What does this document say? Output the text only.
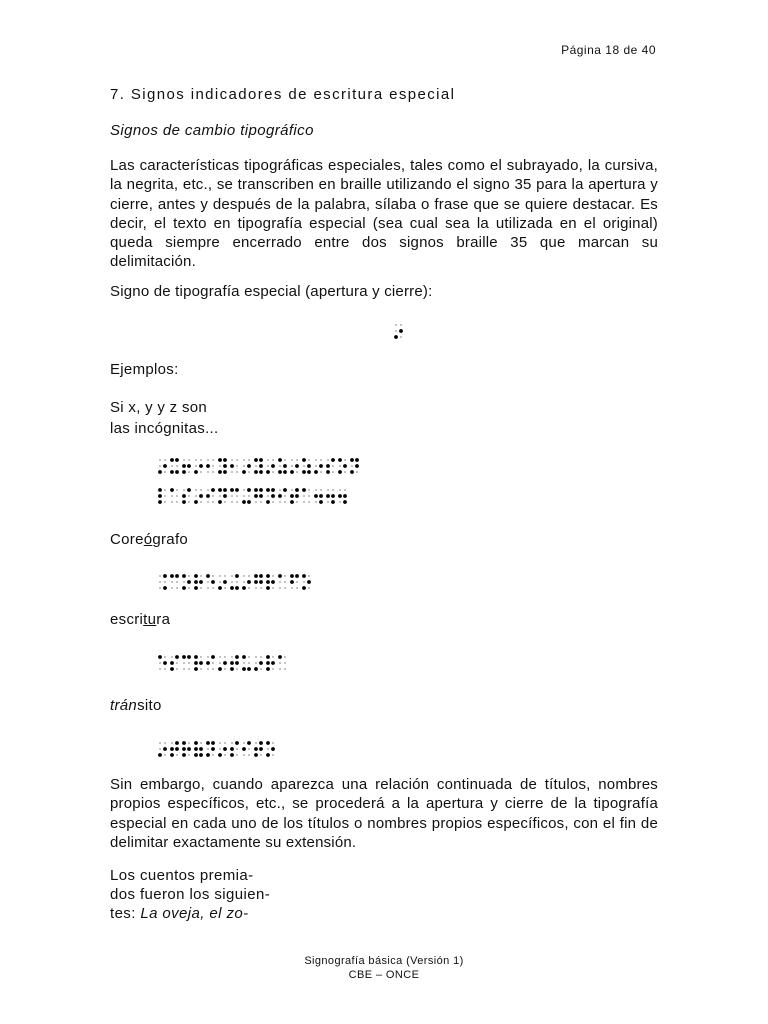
Página 18 de 40
7. Signos indicadores de escritura especial
Signos de cambio tipográfico
Las características tipográficas especiales, tales como el subrayado, la cursiva, la negrita, etc., se transcriben en braille utilizando el signo 35 para la apertura y cierre, antes y después de la palabra, sílaba o frase que se quiere destacar. Es decir, el texto en tipografía especial (sea cual sea la utilizada en el original) queda siempre encerrado entre dos signos braille 35 que marcan su delimitación.
Signo de tipografía especial (apertura y cierre):
Ejemplos:
Si x, y y z son
las incógnitas...
Coreógrafo
escritura
tránsito
Sin embargo, cuando aparezca una relación continuada de títulos, nombres propios específicos, etc., se procederá a la apertura y cierre de la tipografía especial en cada uno de los títulos o nombres propios específicos, con el fin de delimitar exactamente su extensión.
Los cuentos premia-
dos fueron los siguien-
tes: La oveja, el zo-
Signografía básica (Versión 1)
CBE – ONCE
